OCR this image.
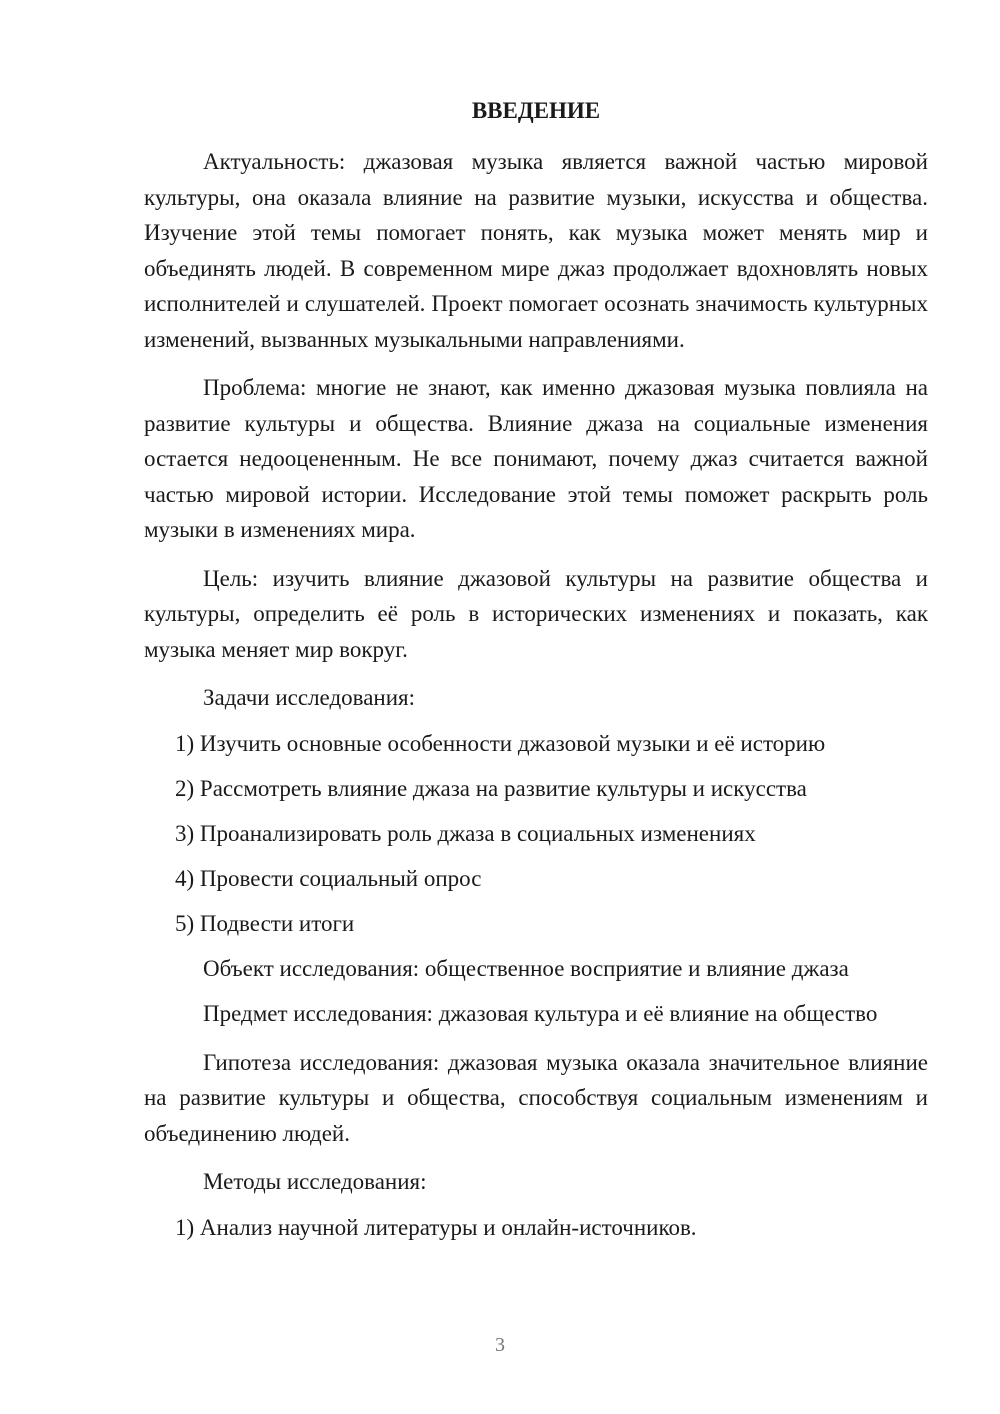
ВВЕДЕНИЕ

Актуальность: джазовая музыка является важной частью мировой культуры, она оказала влияние на развитие музыки, искусства и общества. Изучение этой темы помогает понять, как музыка может менять мир и объединять людей. В современном мире джаз продолжает вдохновлять новых исполнителей и слушателей. Проект помогает осознать значимость культурных изменений, вызванных музыкальными направлениями.

Проблема: многие не знают, как именно джазовая музыка повлияла на развитие культуры и общества. Влияние джаза на социальные изменения остается недооцененным. Не все понимают, почему джаз считается важной частью мировой истории. Исследование этой темы поможет раскрыть роль музыки в изменениях мира.

Цель: изучить влияние джазовой культуры на развитие общества и культуры, определить её роль в исторических изменениях и показать, как музыка меняет мир вокруг.

Задачи исследования:

1) Изучить основные особенности джазовой музыки и её историю
2) Рассмотреть влияние джаза на развитие культуры и искусства
3) Проанализировать роль джаза в социальных изменениях
4) Провести социальный опрос
5) Подвести итоги

Объект исследования: общественное восприятие и влияние джаза

Предмет исследования: джазовая культура и её влияние на общество

Гипотеза исследования: джазовая музыка оказала значительное влияние на развитие культуры и общества, способствуя социальным изменениям и объединению людей.

Методы исследования:

1) Анализ научной литературы и онлайн-источников.
3
